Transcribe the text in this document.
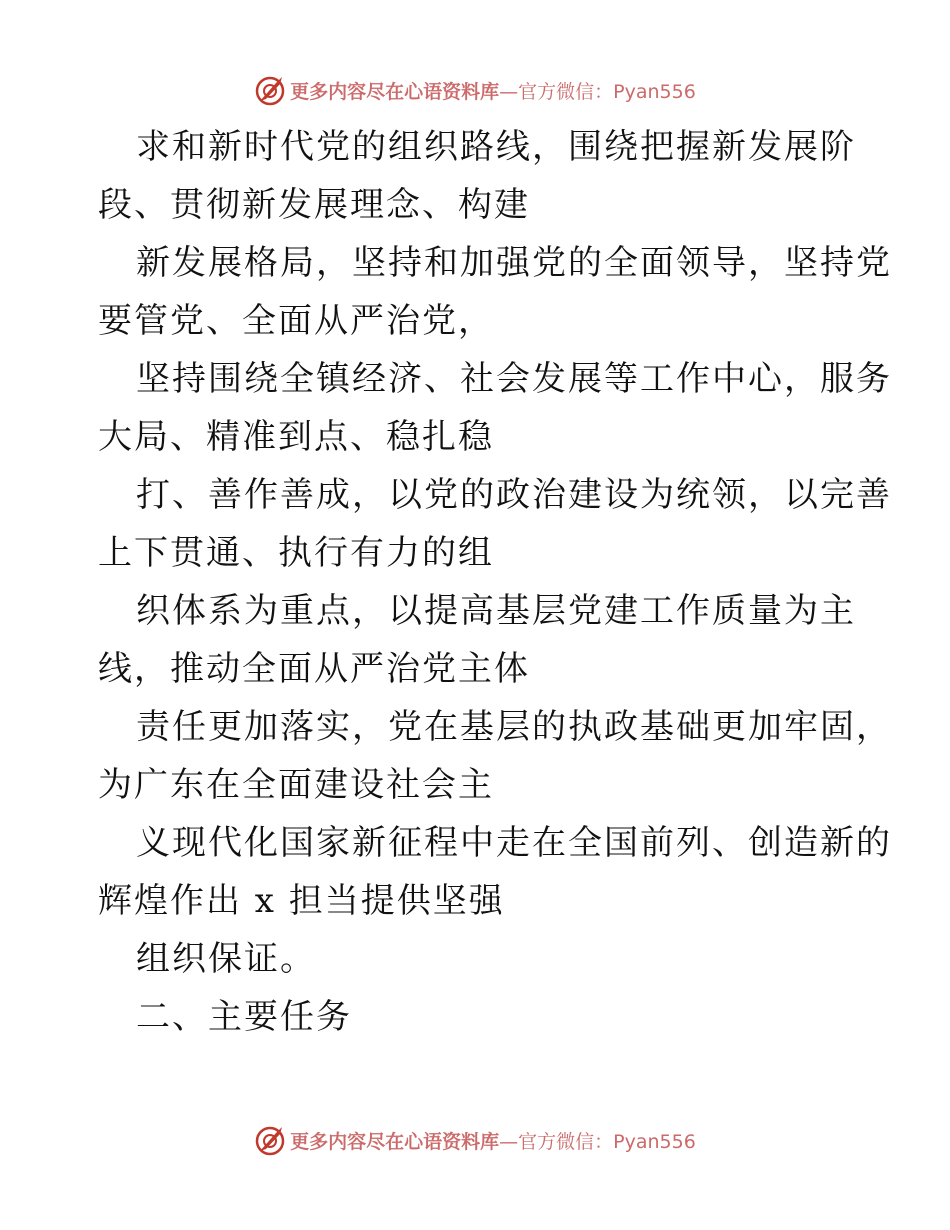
更多内容尽在心语资料库 —官方微信：Pyan556
求和新时代党的组织路线，围绕把握新发展阶
段、贯彻新发展理念、构建
新发展格局，坚持和加强党的全面领导，坚持党
要管党、全面从严治党，
坚持围绕全镇经济、社会发展等工作中心，服务
大局、精准到点、稳扎稳
打、善作善成，以党的政治建设为统领，以完善
上下贯通、执行有力的组
织体系为重点，以提高基层党建工作质量为主
线，推动全面从严治党主体
责任更加落实，党在基层的执政基础更加牢固，
为广东在全面建设社会主
义现代化国家新征程中走在全国前列、创造新的
辉煌作出 x 担当提供坚强
组织保证。
二、主要任务
更多内容尽在心语资料库 —官方微信：Pyan556
